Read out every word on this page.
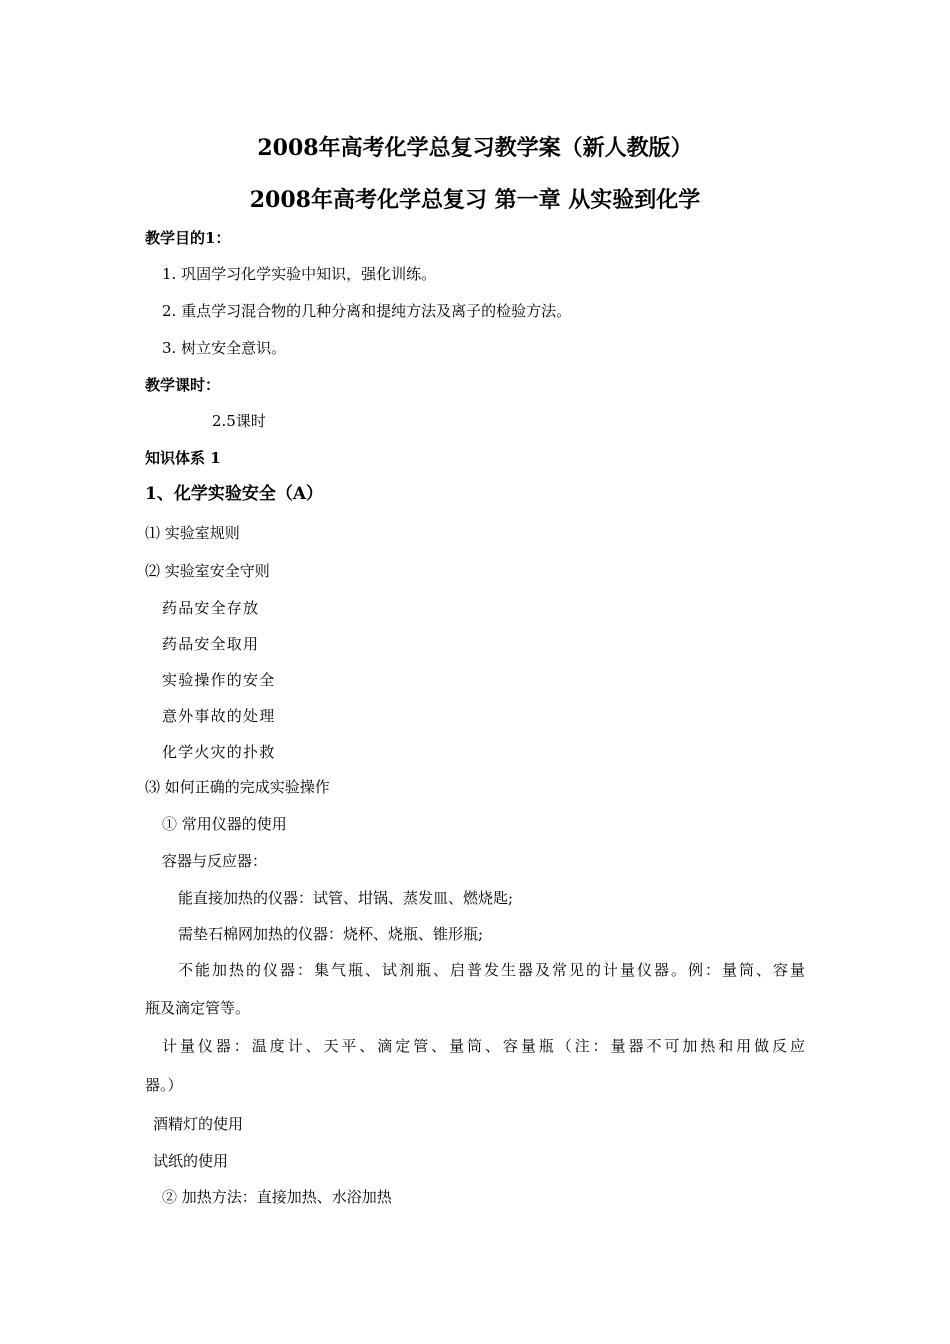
2008年高考化学总复习教学案（新人教版）
2008年高考化学总复习 第一章 从实验到化学
教学目的1：
1. 巩固学习化学实验中知识，强化训练。
2. 重点学习混合物的几种分离和提纯方法及离子的检验方法。
3. 树立安全意识。
教学课时：
2.5课时
知识体系 1
1、化学实验安全（A）
⑴ 实验室规则
⑵ 实验室安全守则
药品安全存放
药品安全取用
实验操作的安全
意外事故的处理
化学火灾的扑救
⑶ 如何正确的完成实验操作
① 常用仪器的使用
容器与反应器：
能直接加热的仪器：试管、坩锅、蒸发皿、燃烧匙;
需垫石棉网加热的仪器：烧杯、烧瓶、锥形瓶;
不能加热的仪器：集气瓶、试剂瓶、启普发生器及常见的计量仪器。例：量筒、容量
瓶及滴定管等。
计量仪器：温度计、天平、滴定管、量筒、容量瓶（注：量器不可加热和用做反应
器。）
酒精灯的使用
试纸的使用
② 加热方法：直接加热、水浴加热
